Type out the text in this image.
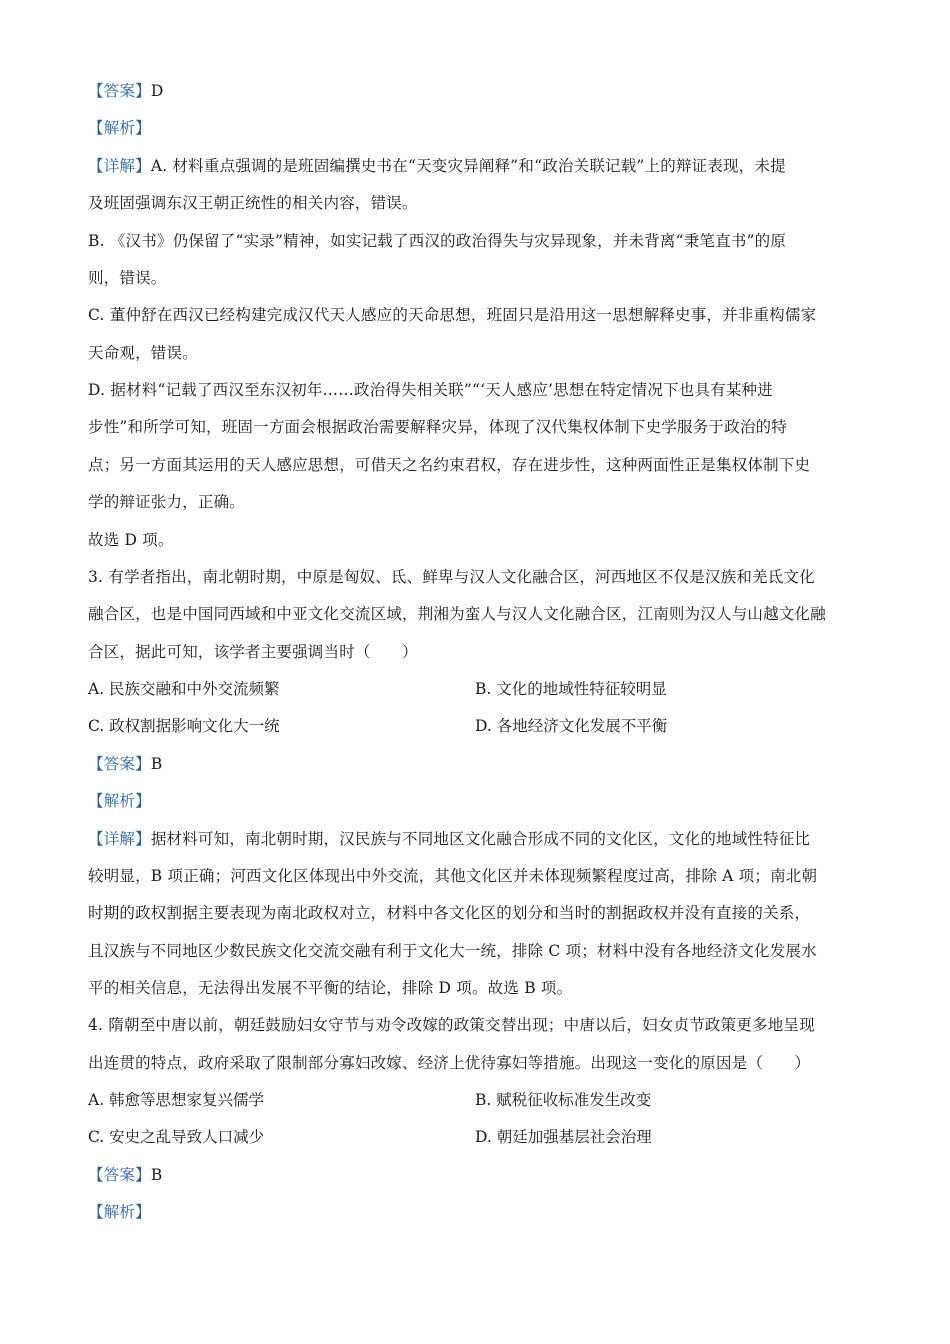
【答案】D
【解析】
【详解】A. 材料重点强调的是班固编撰史书在“天变灾异阐释”和“政治关联记载”上的辩证表现，未提
及班固强调东汉王朝正统性的相关内容，错误。
B. 《汉书》仍保留了“实录”精神，如实记载了西汉的政治得失与灾异现象，并未背离“秉笔直书”的原
则，错误。
C. 董仲舒在西汉已经构建完成汉代天人感应的天命思想，班固只是沿用这一思想解释史事，并非重构儒家
天命观，错误。
D. 据材料“记载了西汉至东汉初年……政治得失相关联”“‘天人感应’思想在特定情况下也具有某种进
步性”和所学可知，班固一方面会根据政治需要解释灾异，体现了汉代集权体制下史学服务于政治的特
点；另一方面其运用的天人感应思想，可借天之名约束君权，存在进步性，这种两面性正是集权体制下史
学的辩证张力，正确。
故选 D 项。
3. 有学者指出，南北朝时期，中原是匈奴、氐、鲜卑与汉人文化融合区，河西地区不仅是汉族和羌氐文化
融合区，也是中国同西域和中亚文化交流区域，荆湘为蛮人与汉人文化融合区，江南则为汉人与山越文化融
合区，据此可知，该学者主要强调当时（　　）
A. 民族交融和中外交流频繁	B. 文化的地域性特征较明显
C. 政权割据影响文化大一统	D. 各地经济文化发展不平衡
【答案】B
【解析】
【详解】据材料可知，南北朝时期，汉民族与不同地区文化融合形成不同的文化区，文化的地域性特征比
较明显，B 项正确；河西文化区体现出中外交流，其他文化区并未体现频繁程度过高，排除 A 项；南北朝
时期的政权割据主要表现为南北政权对立，材料中各文化区的划分和当时的割据政权并没有直接的关系，
且汉族与不同地区少数民族文化交流交融有利于文化大一统，排除 C 项；材料中没有各地经济文化发展水
平的相关信息，无法得出发展不平衡的结论，排除 D 项。故选 B 项。
4. 隋朝至中唐以前，朝廷鼓励妇女守节与劝令改嫁的政策交替出现；中唐以后，妇女贞节政策更多地呈现
出连贯的特点，政府采取了限制部分寡妇改嫁、经济上优待寡妇等措施。出现这一变化的原因是（　　）
A. 韩愈等思想家复兴儒学	B. 赋税征收标准发生改变
C. 安史之乱导致人口减少	D. 朝廷加强基层社会治理
【答案】B
【解析】
